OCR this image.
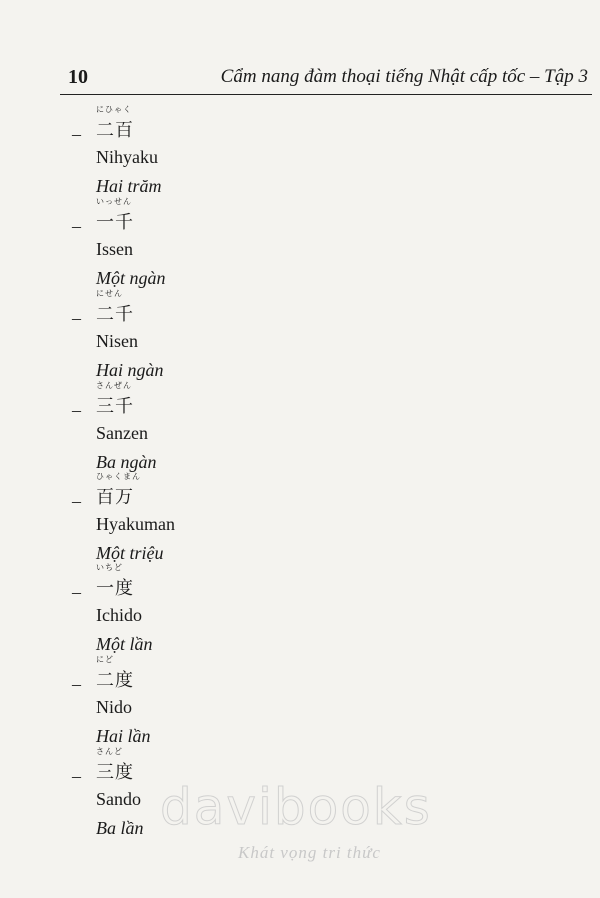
10	Cẩm nang đàm thoại tiếng Nhật cấp tốc – Tập 3
–
にひゃく
二百
Nihyaku
Hai trăm
–
いっせん
一千
Issen
Một ngàn
–
にせん
二千
Nisen
Hai ngàn
–
さんぜん
三千
Sanzen
Ba ngàn
–
ひゃくまん
百万
Hyakuman
Một triệu
–
いちど
一度
Ichido
Một lần
–
にど
二度
Nido
Hai lần
–
さんど
三度
Sando
Ba lần davibooks
Khát vọng tri thức
